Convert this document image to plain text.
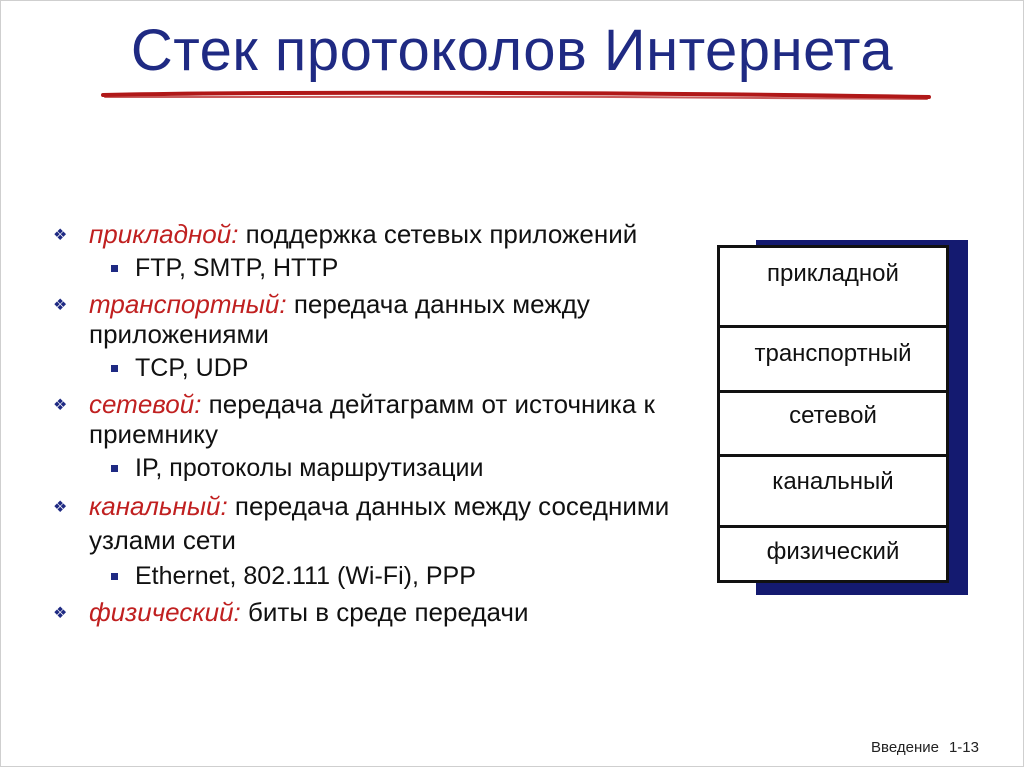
Стек протоколов Интернета
❖ прикладной: поддержка сетевых приложений
FTP, SMTP, HTTP
❖ транспортный: передача данных между приложениями
TCP, UDP
❖ сетевой: передача дейтаграмм от источника к приемнику
IP, протоколы маршрутизации
❖ канальный: передача данных между соседними узлами сети
Ethernet, 802.111 (Wi-Fi), PPP
❖ физический: биты в среде передачи
прикладной
транспортный
сетевой
канальный
физический
Введение 1-13
